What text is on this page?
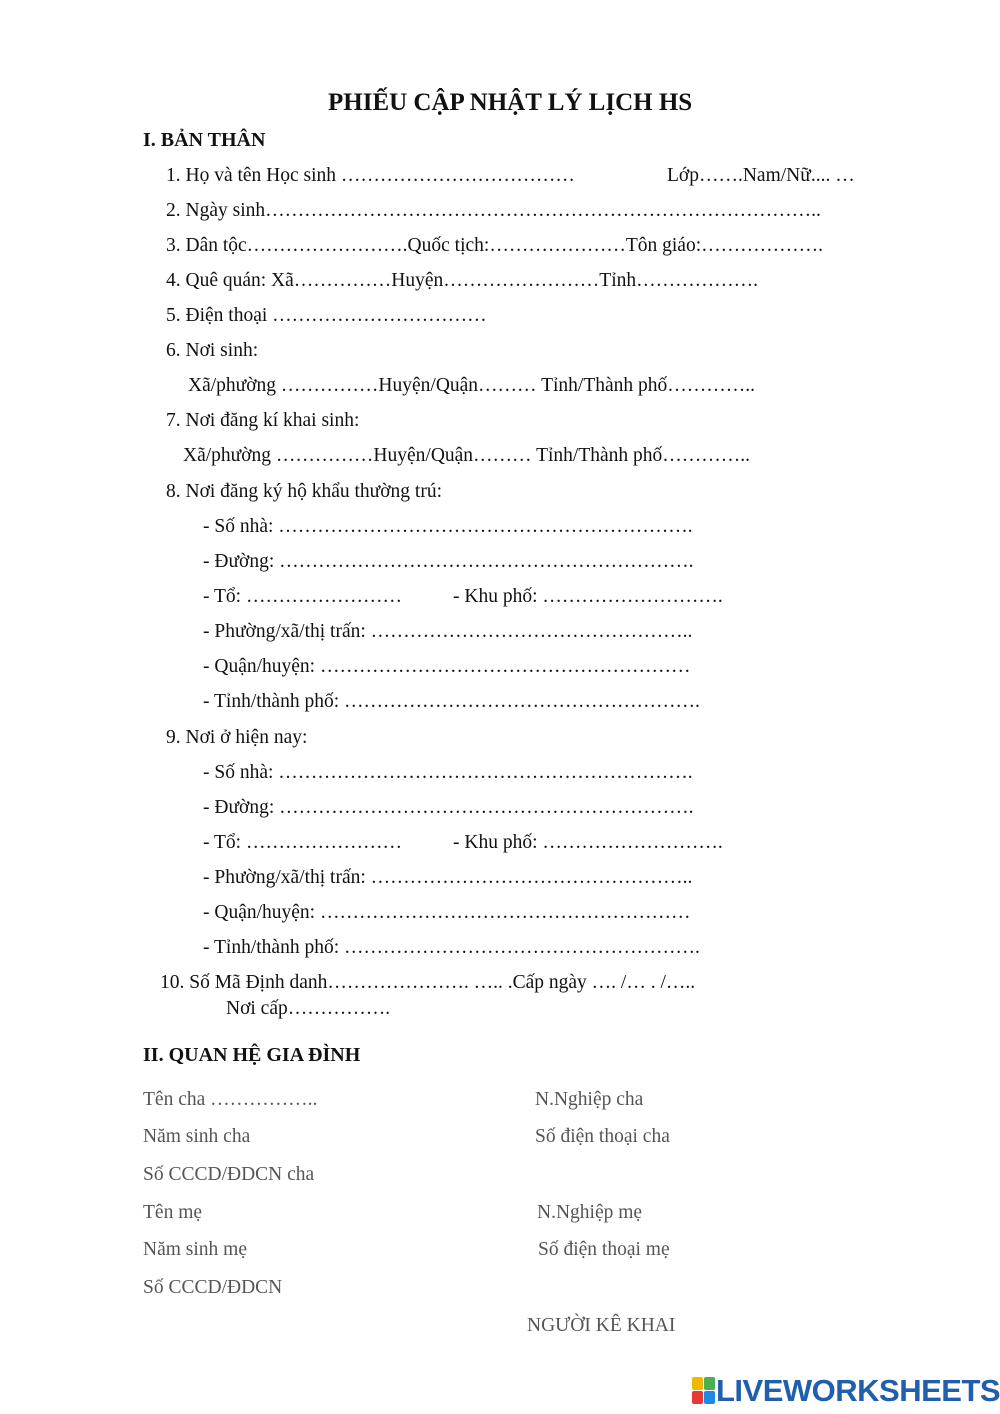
PHIẾU CẬP NHẬT LÝ LỊCH HS
I. BẢN THÂN
1. Họ và tên Học sinh ………………………………	Lớp…….Nam/Nữ.... …
2. Ngày sinh…………………………………………………………………………..
3. Dân tộc…………………….Quốc tịch:…………………Tôn giáo:……………….
4. Quê quán: Xã……………Huyện……………………Tỉnh……………….
5. Điện thoại ……………………………
6. Nơi sinh:
Xã/phường ……………Huyện/Quận……… Tỉnh/Thành phố…………..
7. Nơi đăng kí khai sinh:
Xã/phường ……………Huyện/Quận……… Tỉnh/Thành phố…………..
8. Nơi đăng ký hộ khẩu thường trú:
- Số nhà: ……………………………………………………….
- Đường: ……………………………………………………….
- Tổ: ……………………	- Khu phố: ……………………….
- Phường/xã/thị trấn: …………………………………………..
- Quận/huyện: …………………………………………………
- Tỉnh/thành phố: ……………………………………………….
9. Nơi ở hiện nay:
- Số nhà: ……………………………………………………….
- Đường: ……………………………………………………….
- Tổ: ……………………	- Khu phố: ……………………….
- Phường/xã/thị trấn: …………………………………………..
- Quận/huyện: …………………………………………………
- Tỉnh/thành phố: ……………………………………………….
10. Số Mã Định danh…………………. ….. .Cấp ngày …. /… . /…..
Nơi cấp…………….
II. QUAN HỆ GIA ĐÌNH
Tên cha ……………..	N.Nghiệp cha
Năm sinh cha	Số điện thoại cha
Số CCCD/ĐDCN cha
Tên mẹ	N.Nghiệp mẹ
Năm sinh mẹ	Số điện thoại mẹ
Số CCCD/ĐDCN
NGƯỜI KÊ KHAI
LIVEWORKSHEETS
